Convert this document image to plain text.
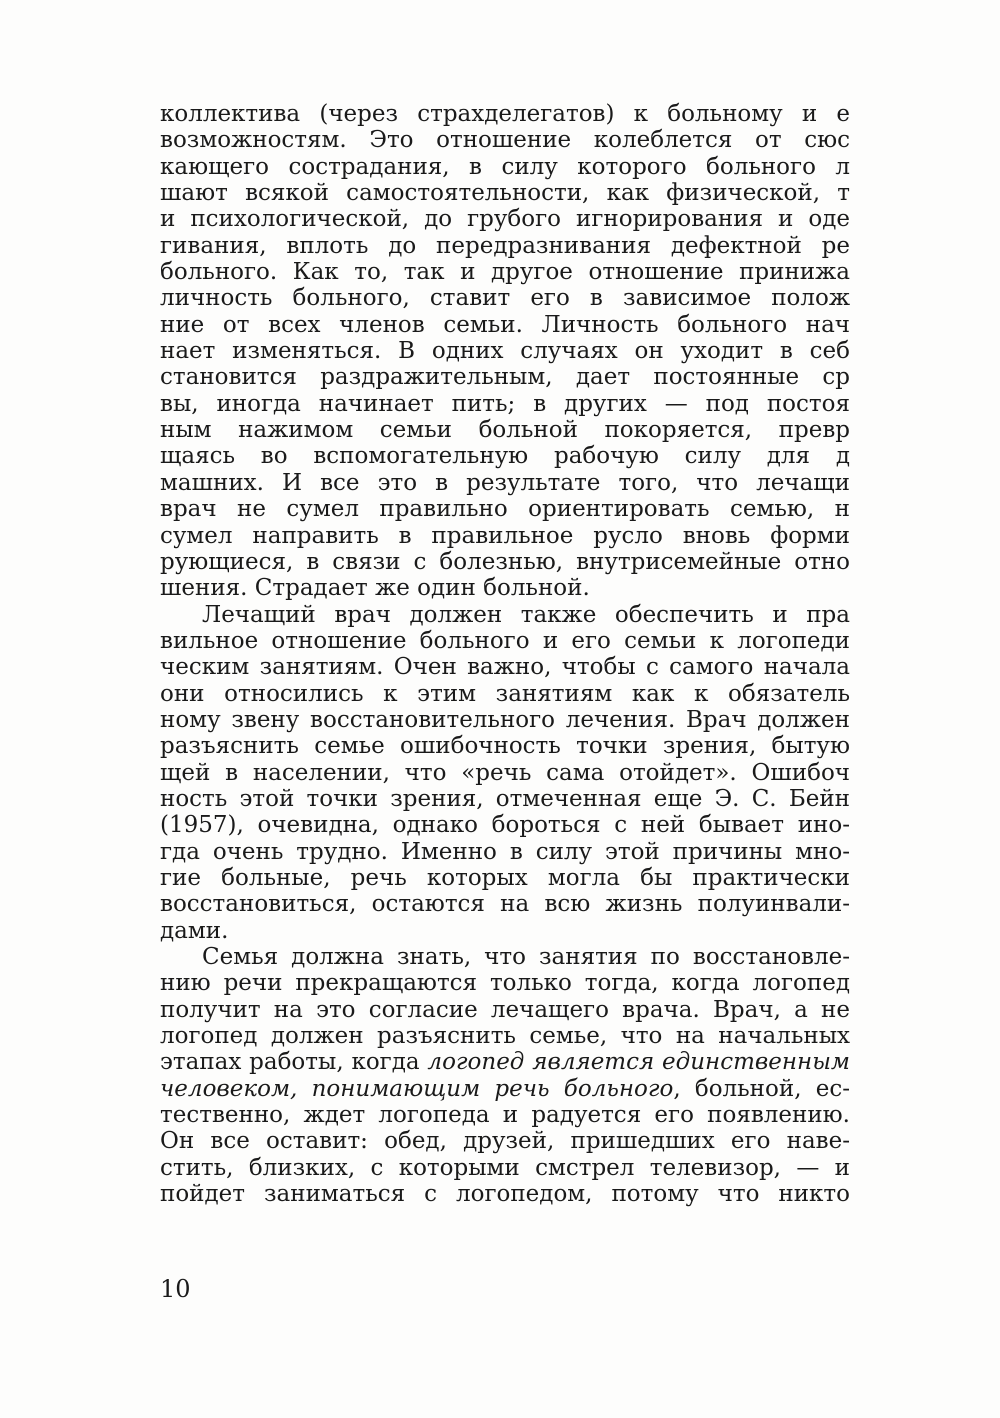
коллектива (через страхделегатов) к больному и е
возможностям. Это отношение колеблется от сюс
кающего сострадания, в силу которого больного л
шают всякой самостоятельности, как физической, т
и психологической, до грубого игнорирования и оде
гивания, вплоть до передразнивания дефектной ре
больного. Как то, так и другое отношение принижа
личность больного, ставит его в зависимое полож
ние от всех членов семьи. Личность больного нач
нает изменяться. В одних случаях он уходит в себ
становится раздражительным, дает постоянные ср
вы, иногда начинает пить; в других — под постоя
ным нажимом семьи больной покоряется, превр
щаясь во вспомогательную рабочую силу для д
машних. И все это в результате того, что лечащи
врач не сумел правильно ориентировать семью, н
сумел направить в правильное русло вновь форми
рующиеся, в связи с болезнью, внутрисемейные отно
шения. Страдает же один больной.
Лечащий врач должен также обеспечить и пра
вильное отношение больного и его семьи к логопеди
ческим занятиям. Очен важно, чтобы с самого начала
они относились к этим занятиям как к обязатель
ному звену восстановительного лечения. Врач должен
разъяснить семье ошибочность точки зрения, бытую
щей в населении, что «речь сама отойдет». Ошибоч
ность этой точки зрения, отмеченная еще Э. С. Бейн
(1957), очевидна, однако бороться с ней бывает ино-
гда очень трудно. Именно в силу этой причины мно-
гие больные, речь которых могла бы практически
восстановиться, остаются на всю жизнь полуинвали-
дами.
Семья должна знать, что занятия по восстановле-
нию речи прекращаются только тогда, когда логопед
получит на это согласие лечащего врача. Врач, а не
логопед должен разъяснить семье, что на начальных
этапах работы, когда логопед является единственным
человеком, понимающим речь больного, больной, ес-
тественно, ждет логопеда и радуется его появлению.
Он все оставит: обед, друзей, пришедших его наве-
стить, близких, с которыми смстрел телевизор, — и
пойдет заниматься с логопедом, потому что никто
10
